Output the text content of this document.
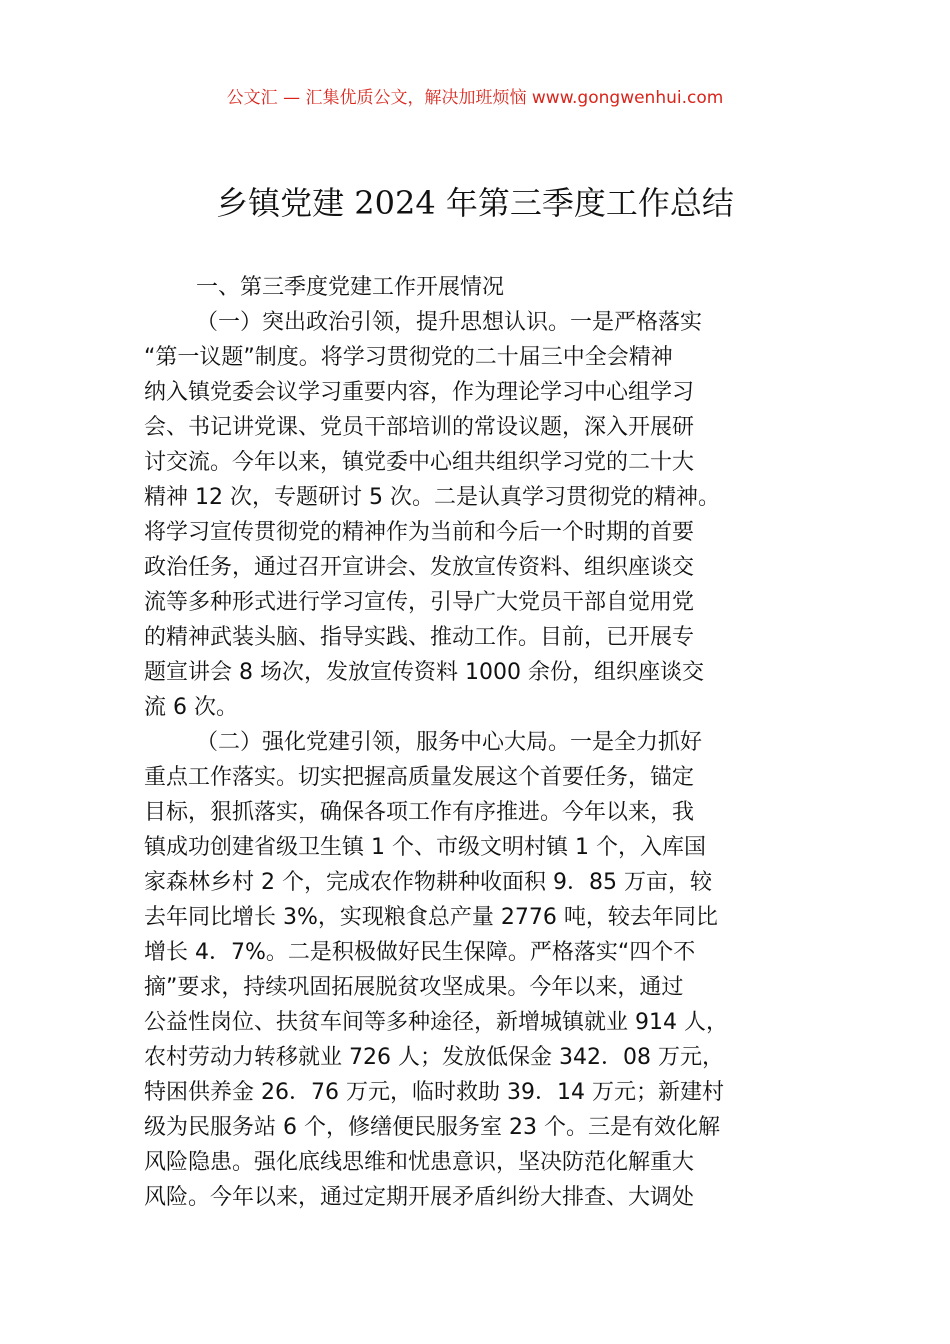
公文汇 — 汇集优质公文，解决加班烦恼 www.gongwenhui.com
乡镇党建 2024 年第三季度工作总结
一、第三季度党建工作开展情况
（一）突出政治引领，提升思想认识。一是严格落实
“第一议题”制度。将学习贯彻党的二十届三中全会精神
纳入镇党委会议学习重要内容，作为理论学习中心组学习
会、书记讲党课、党员干部培训的常设议题，深入开展研
讨交流。今年以来，镇党委中心组共组织学习党的二十大
精神 12 次，专题研讨 5 次。二是认真学习贯彻党的精神。
将学习宣传贯彻党的精神作为当前和今后一个时期的首要
政治任务，通过召开宣讲会、发放宣传资料、组织座谈交
流等多种形式进行学习宣传，引导广大党员干部自觉用党
的精神武装头脑、指导实践、推动工作。目前，已开展专
题宣讲会 8 场次，发放宣传资料 1000 余份，组织座谈交
流 6 次。
（二）强化党建引领，服务中心大局。一是全力抓好
重点工作落实。切实把握高质量发展这个首要任务，锚定
目标，狠抓落实，确保各项工作有序推进。今年以来，我
镇成功创建省级卫生镇 1 个、市级文明村镇 1 个，入库国
家森林乡村 2 个，完成农作物耕种收面积 9．85 万亩，较
去年同比增长 3%，实现粮食总产量 2776 吨，较去年同比
增长 4．7%。二是积极做好民生保障。严格落实“四个不
摘”要求，持续巩固拓展脱贫攻坚成果。今年以来，通过
公益性岗位、扶贫车间等多种途径，新增城镇就业 914 人，
农村劳动力转移就业 726 人；发放低保金 342．08 万元，
特困供养金 26．76 万元，临时救助 39．14 万元；新建村
级为民服务站 6 个，修缮便民服务室 23 个。三是有效化解
风险隐患。强化底线思维和忧患意识，坚决防范化解重大
风险。今年以来，通过定期开展矛盾纠纷大排查、大调处
